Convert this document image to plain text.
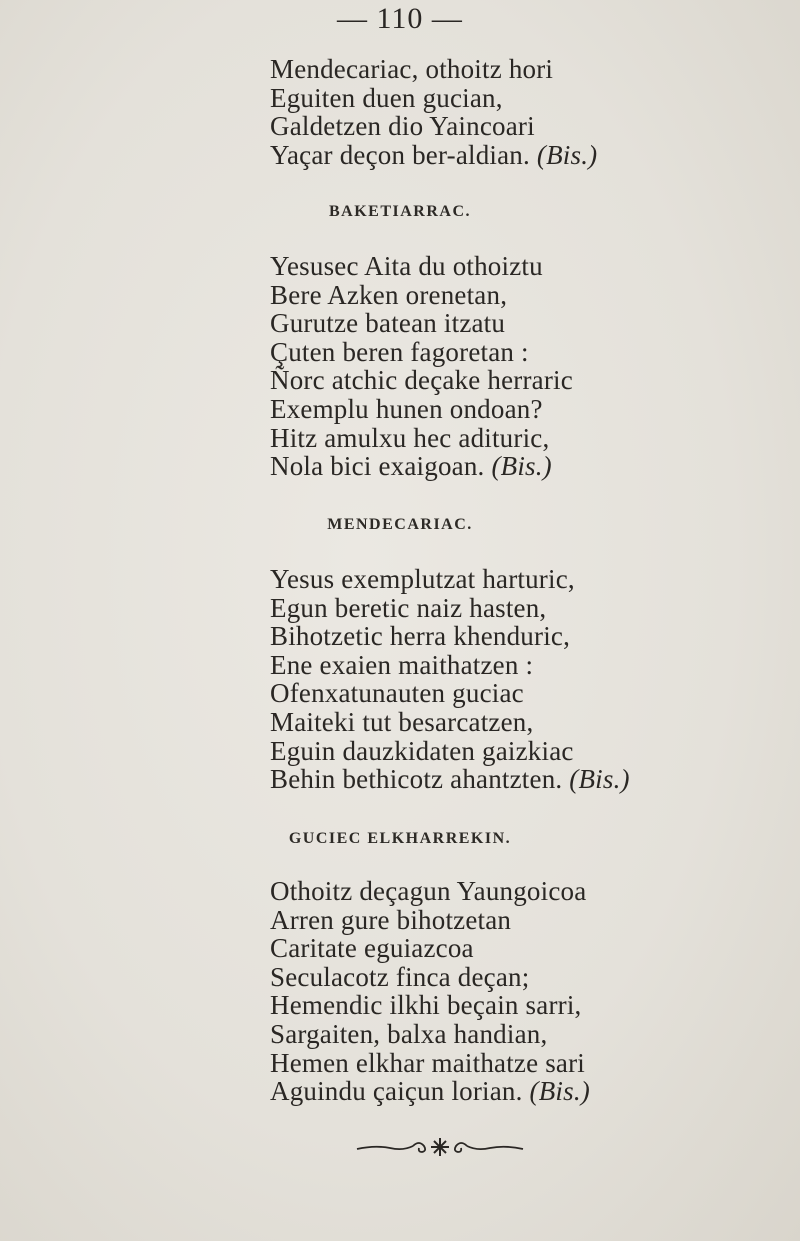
— 110 —
Mendecariac, othoitz hori
Eguiten duen gucian,
Galdetzen dio Yaincoari
Yaçar deçon ber-aldian. (Bis.)
BAKETIARRAC.
Yesusec Aita du othoiztu
Bere Azken orenetan,
Gurutze batean itzatu
Çuten beren fagoretan :
Ñorc atchic deçake herraric
Exemplu hunen ondoan?
Hitz amulxu hec adituric,
Nola bici exaigoan. (Bis.)
MENDECARIAC.
Yesus exemplutzat harturic,
Egun beretic naiz hasten,
Bihotzetic herra khenduric,
Ene exaien maithatzen :
Ofenxatunauten guciac
Maiteki tut besarcatzen,
Eguin dauzkidaten gaizkiac
Behin bethicotz ahantzten. (Bis.)
GUCIEC ELKHARREKIN.
Othoitz deçagun Yaungoicoa
Arren gure bihotzetan
Caritate eguiazcoa
Seculacotz finca deçan;
Hemendic ilkhi beçain sarri,
Sargaiten, balxa handian,
Hemen elkhar maithatze sari
Aguindu çaiçun lorian. (Bis.)
